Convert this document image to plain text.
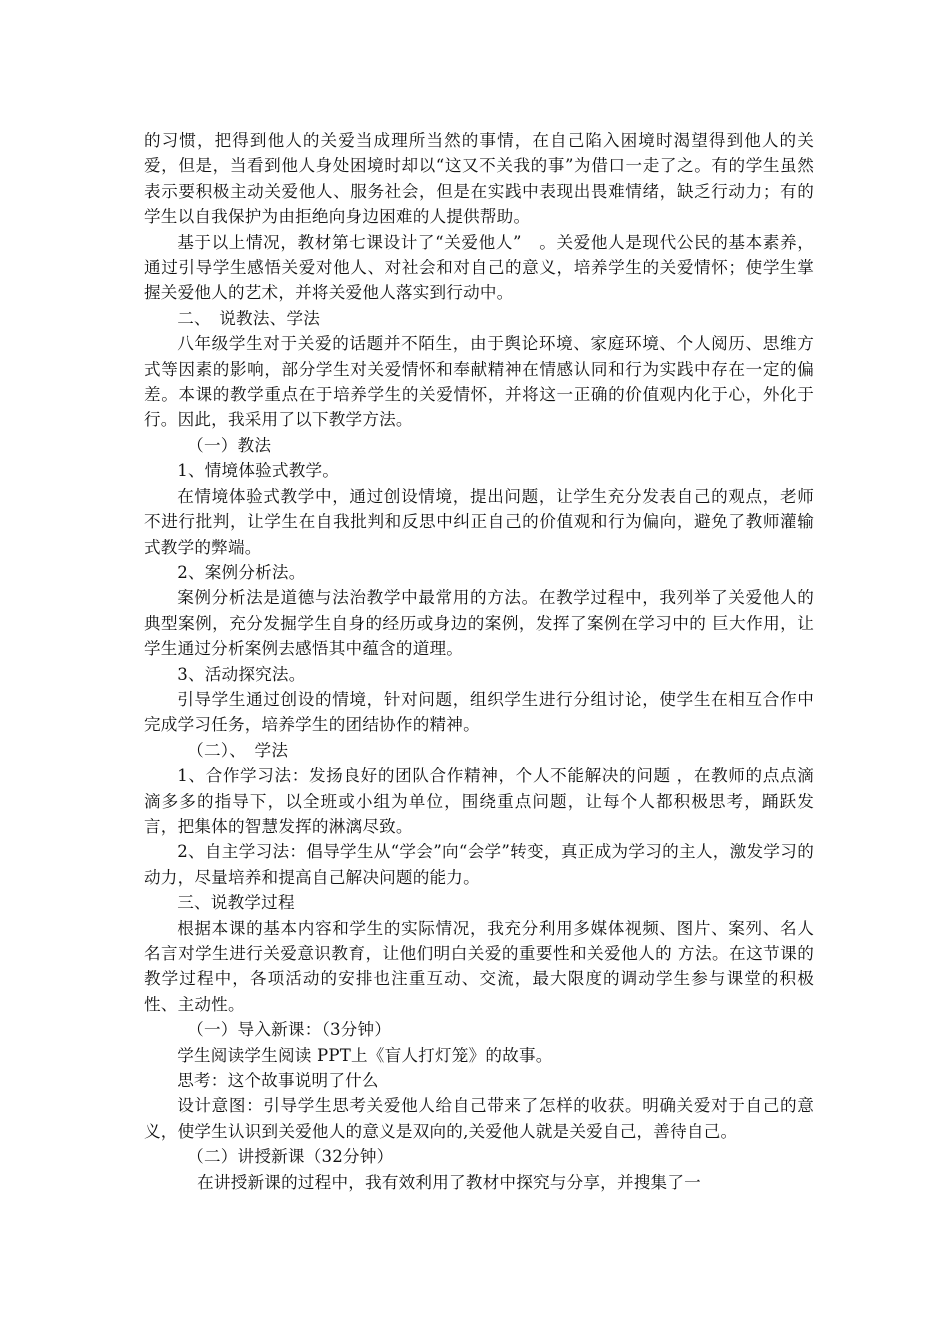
的习惯，把得到他人的关爱当成理所当然的事情，在自己陷入困境时渴望得到他人的关爱，但是，当看到他人身处困境时却以“这又不关我的事”为借口一走了之。有的学生虽然表示要积极主动关爱他人、服务社会，但是在实践中表现出畏难情绪，缺乏行动力；有的学生以自我保护为由拒绝向身边困难的人提供帮助。

基于以上情况，教材第七课设计了“关爱他人”　。关爱他人是现代公民的基本素养，通过引导学生感悟关爱对他人、对社会和对自己的意义，培养学生的关爱情怀；使学生掌握关爱他人的艺术，并将关爱他人落实到行动中。

二、　说教法、学法

八年级学生对于关爱的话题并不陌生，由于舆论环境、家庭环境、个人阅历、思维方式等因素的影响，部分学生对关爱情怀和奉献精神在情感认同和行为实践中存在一定的偏差。本课的教学重点在于培养学生的关爱情怀，并将这一正确的价值观内化于心，外化于行。因此，我采用了以下教学方法。

（一）教法

1、情境体验式教学。

在情境体验式教学中，通过创设情境，提出问题，让学生充分发表自己的观点，老师不进行批判，让学生在自我批判和反思中纠正自己的价值观和行为偏向，避免了教师灌输式教学的弊端。

2、案例分析法。

案例分析法是道德与法治教学中最常用的方法。在教学过程中，我列举了关爱他人的典型案例，充分发掘学生自身的经历或身边的案例，发挥了案例在学习中的 巨大作用，让学生通过分析案例去感悟其中蕴含的道理。

3、活动探究法。

引导学生通过创设的情境，针对问题，组织学生进行分组讨论，使学生在相互合作中完成学习任务，培养学生的团结协作的精神。

（二）、　学法

1、合作学习法：发扬良好的团队合作精神，个人不能解决的问题 ，在教师的点点滴滴多多的指导下，以全班或小组为单位，围绕重点问题，让每个人都积极思考，踊跃发言，把集体的智慧发挥的淋漓尽致。

2、自主学习法：倡导学生从“学会”向“会学”转变，真正成为学习的主人，激发学习的 动力，尽量培养和提高自己解决问题的能力。

三、说教学过程

根据本课的基本内容和学生的实际情况，我充分利用多媒体视频、图片、案列、名人名言对学生进行关爱意识教育，让他们明白关爱的重要性和关爱他人的 方法。在这节课的教学过程中，各项活动的安排也注重互动、交流，最大限度的调动学生参与课堂的积极性、主动性。

（一）导入新课：（3分钟）

学生阅读学生阅读 PPT上《盲人打灯笼》的故事。

思考：这个故事说明了什么

设计意图：引导学生思考关爱他人给自己带来了怎样的收获。明确关爱对于自己的意义，使学生认识到关爱他人的意义是双向的,关爱他人就是关爱自己，善待自己。

（二）讲授新课（32分钟）

在讲授新课的过程中，我有效利用了教材中探究与分享，并搜集了一
